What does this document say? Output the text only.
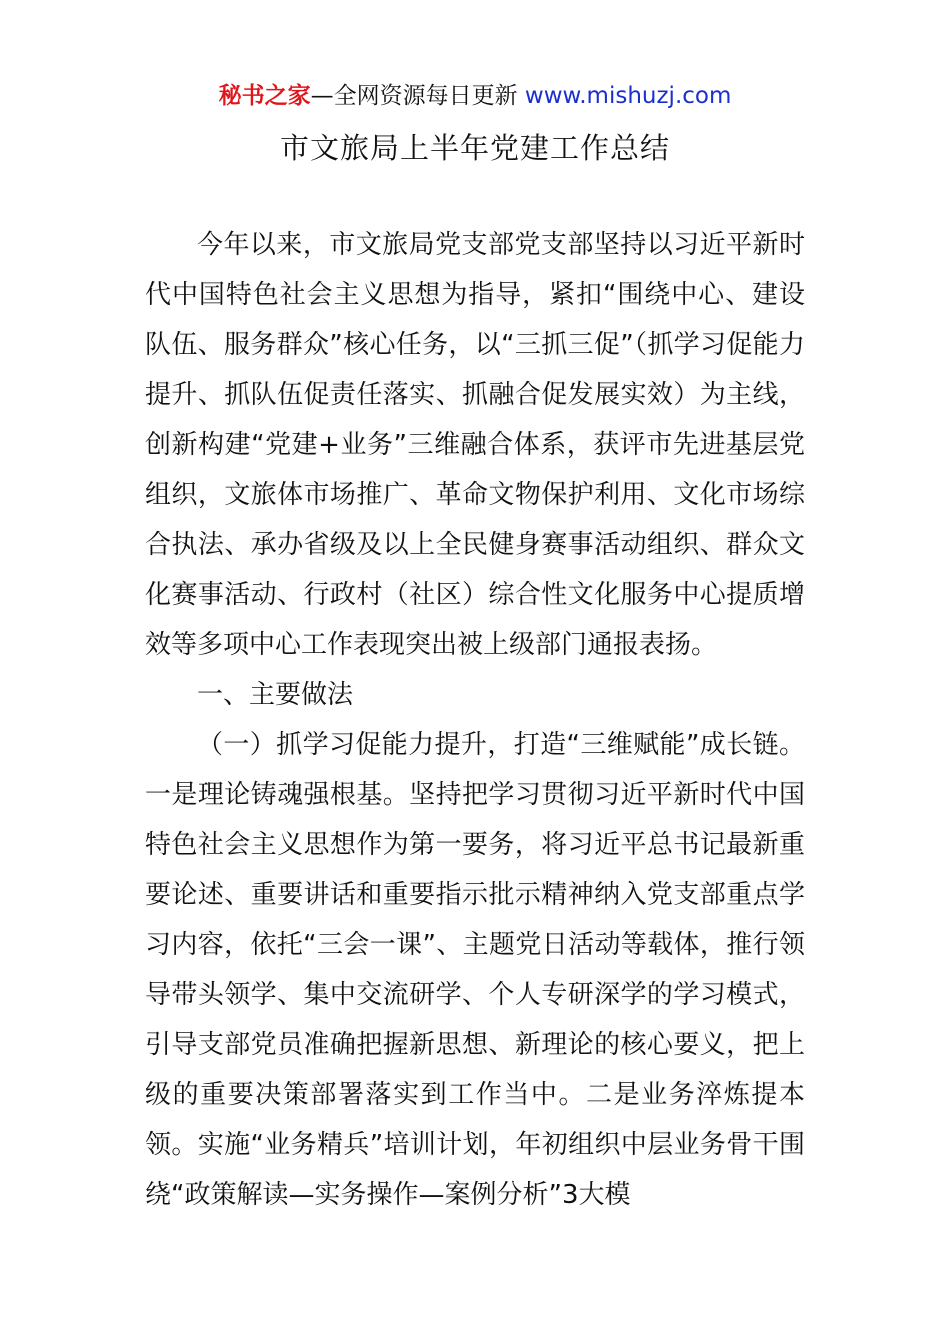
秘书之家—全网资源每日更新 www.mishuzj.com
市文旅局上半年党建工作总结

今年以来，市文旅局党支部党支部坚持以习近平新时代中国特色社会主义思想为指导，紧扣“围绕中心、建设队伍、服务群众”核心任务，以“三抓三促”（抓学习促能力提升、抓队伍促责任落实、抓融合促发展实效）为主线，创新构建“党建+业务”三维融合体系，获评市先进基层党组织，文旅体市场推广、革命文物保护利用、文化市场综合执法、承办省级及以上全民健身赛事活动组织、群众文化赛事活动、行政村（社区）综合性文化服务中心提质增效等多项中心工作表现突出被上级部门通报表扬。

一、主要做法

（一）抓学习促能力提升，打造“三维赋能”成长链。一是理论铸魂强根基。坚持把学习贯彻习近平新时代中国特色社会主义思想作为第一要务，将习近平总书记最新重要论述、重要讲话和重要指示批示精神纳入党支部重点学习内容，依托“三会一课”、主题党日活动等载体，推行领导带头领学、集中交流研学、个人专研深学的学习模式，引导支部党员准确把握新思想、新理论的核心要义，把上级的重要决策部署落实到工作当中。二是业务淬炼提本领。实施“业务精兵”培训计划，年初组织中层业务骨干围绕“政策解读—实务操作—案例分析”3大模
